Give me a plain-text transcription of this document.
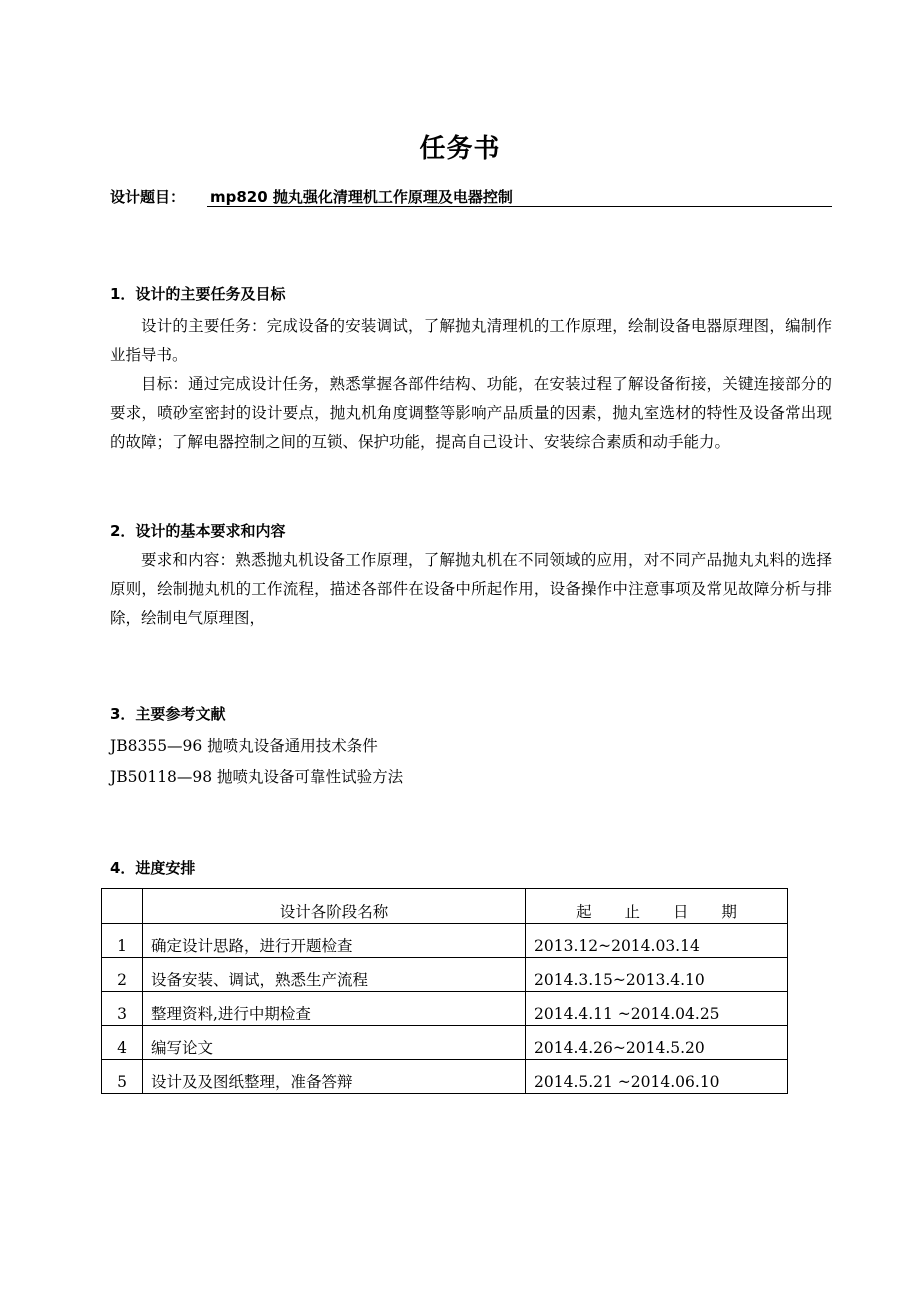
任务书
设计题目： mp820 抛丸强化清理机工作原理及电器控制
1．设计的主要任务及目标
设计的主要任务：完成设备的安装调试，了解抛丸清理机的工作原理，绘制设备电器原理图，编制作业指导书。
目标：通过完成设计任务，熟悉掌握各部件结构、功能，在安装过程了解设备衔接，关键连接部分的要求，喷砂室密封的设计要点，抛丸机角度调整等影响产品质量的因素，抛丸室选材的特性及设备常出现的故障；了解电器控制之间的互锁、保护功能，提高自己设计、安装综合素质和动手能力。
2．设计的基本要求和内容
要求和内容：熟悉抛丸机设备工作原理，了解抛丸机在不同领域的应用，对不同产品抛丸丸料的选择原则，绘制抛丸机的工作流程，描述各部件在设备中所起作用，设备操作中注意事项及常见故障分析与排除，绘制电气原理图，
3．主要参考文献
JB8355—96 抛喷丸设备通用技术条件
JB50118—98 抛喷丸设备可靠性试验方法
4．进度安排
	设计各阶段名称	起 止 日 期
1	确定设计思路，进行开题检查	2013.12~2014.03.14
2	设备安装、调试，熟悉生产流程	2014.3.15~2013.4.10
3	整理资料,进行中期检查	2014.4.11 ~2014.04.25
4	编写论文	2014.4.26~2014.5.20
5	设计及及图纸整理，准备答辩	2014.5.21 ~2014.06.10
